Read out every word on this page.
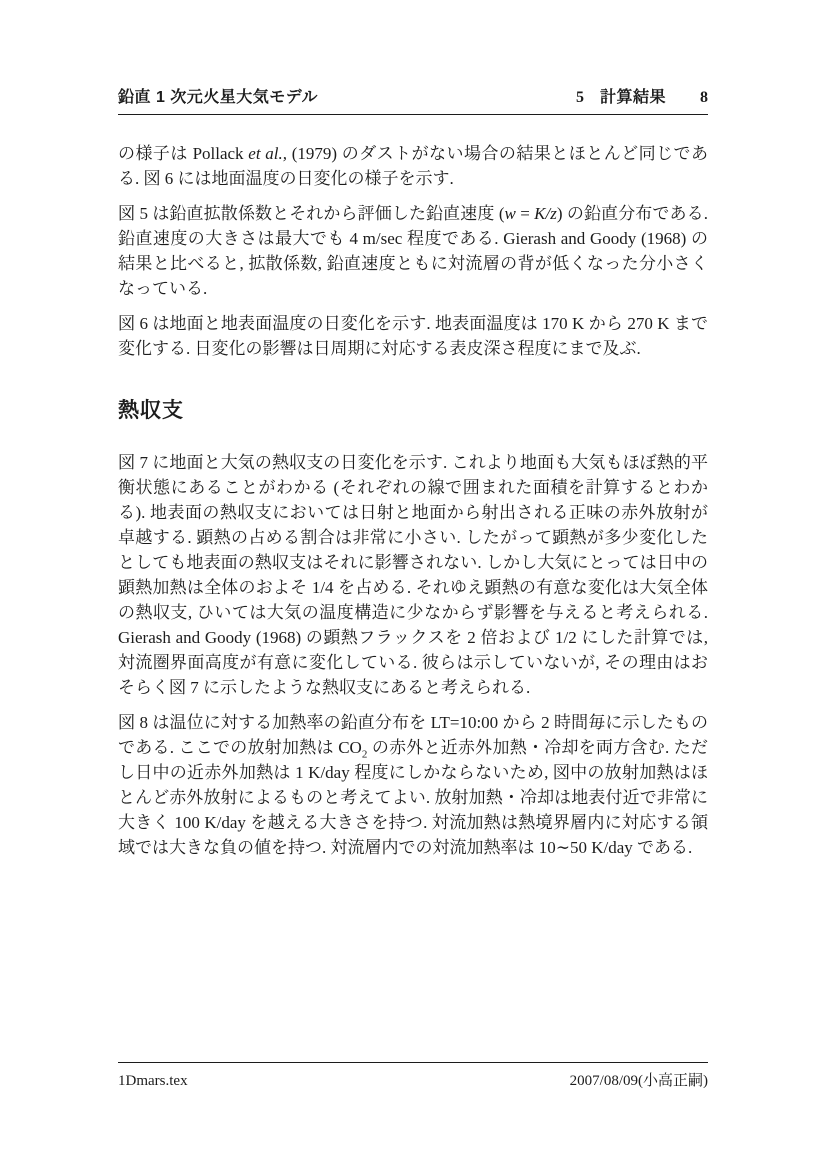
鉛直 1 次元火星大気モデル	5 計算結果 8

の様子は Pollack et al., (1979) のダストがない場合の結果とほとんど同じである. 図 6 には地面温度の日変化の様子を示す.

図 5 は鉛直拡散係数とそれから評価した鉛直速度 (w = K/z) の鉛直分布である. 鉛直速度の大きさは最大でも 4 m/sec 程度である. Gierash and Goody (1968) の結果と比べると, 拡散係数, 鉛直速度ともに対流層の背が低くなった分小さくなっている.

図 6 は地面と地表面温度の日変化を示す. 地表面温度は 170 K から 270 K まで変化する. 日変化の影響は日周期に対応する表皮深さ程度にまで及ぶ.

熱収支

図 7 に地面と大気の熱収支の日変化を示す. これより地面も大気もほぼ熱的平衡状態にあることがわかる (それぞれの線で囲まれた面積を計算するとわかる). 地表面の熱収支においては日射と地面から射出される正味の赤外放射が卓越する. 顕熱の占める割合は非常に小さい. したがって顕熱が多少変化したとしても地表面の熱収支はそれに影響されない. しかし大気にとっては日中の顕熱加熱は全体のおよそ 1/4 を占める. それゆえ顕熱の有意な変化は大気全体の熱収支, ひいては大気の温度構造に少なからず影響を与えると考えられる. Gierash and Goody (1968) の顕熱フラックスを 2 倍および 1/2 にした計算では, 対流圏界面高度が有意に変化している. 彼らは示していないが, その理由はおそらく図 7 に示したような熱収支にあると考えられる.

図 8 は温位に対する加熱率の鉛直分布を LT=10:00 から 2 時間毎に示したものである. ここでの放射加熱は $CO_2$ の赤外と近赤外加熱・冷却を両方含む. ただし日中の近赤外加熱は 1 K/day 程度にしかならないため, 図中の放射加熱はほとんど赤外放射によるものと考えてよい. 放射加熱・冷却は地表付近で非常に大きく 100 K/day を越える大きさを持つ. 対流加熱は熱境界層内に対応する領域では大きな負の値を持つ. 対流層内での対流加熱率は 10∼50 K/day である.

1Dmars.tex	2007/08/09(小高正嗣)
